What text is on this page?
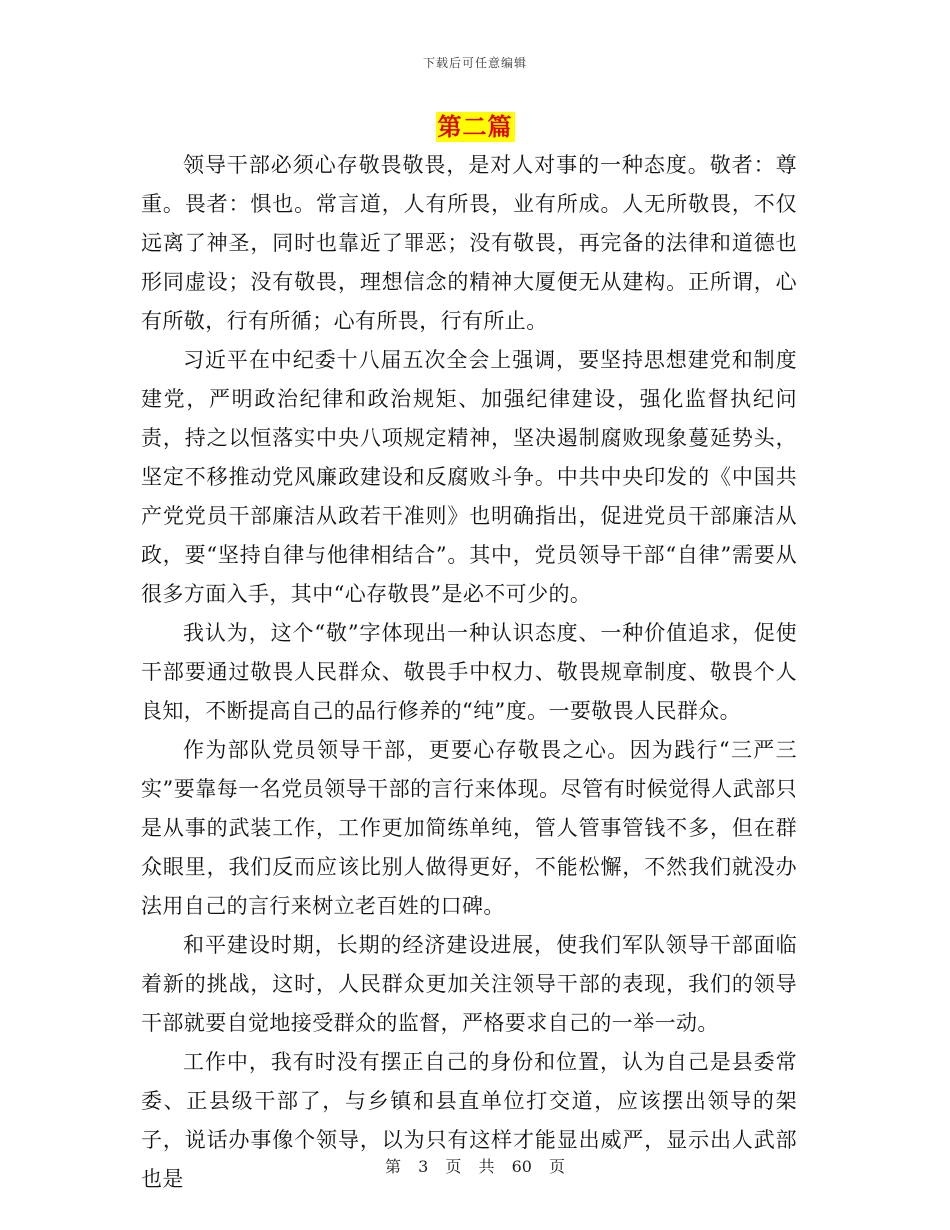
下载后可任意编辑
第二篇

领导干部必须心存敬畏敬畏，是对人对事的一种态度。敬者：尊重。畏者：惧也。常言道，人有所畏，业有所成。人无所敬畏，不仅远离了神圣，同时也靠近了罪恶；没有敬畏，再完备的法律和道德也形同虚设；没有敬畏，理想信念的精神大厦便无从建构。正所谓，心有所敬，行有所循；心有所畏，行有所止。

习近平在中纪委十八届五次全会上强调，要坚持思想建党和制度建党，严明政治纪律和政治规矩、加强纪律建设，强化监督执纪问责，持之以恒落实中央八项规定精神，坚决遏制腐败现象蔓延势头，坚定不移推动党风廉政建设和反腐败斗争。中共中央印发的《中国共产党党员干部廉洁从政若干准则》也明确指出，促进党员干部廉洁从政，要“坚持自律与他律相结合”。其中，党员领导干部“自律”需要从很多方面入手，其中“心存敬畏”是必不可少的。

我认为，这个“敬”字体现出一种认识态度、一种价值追求，促使干部要通过敬畏人民群众、敬畏手中权力、敬畏规章制度、敬畏个人良知，不断提高自己的品行修养的“纯”度。一要敬畏人民群众。

作为部队党员领导干部，更要心存敬畏之心。因为践行“三严三实”要靠每一名党员领导干部的言行来体现。尽管有时候觉得人武部只是从事的武装工作，工作更加简练单纯，管人管事管钱不多，但在群众眼里，我们反而应该比别人做得更好，不能松懈，不然我们就没办法用自己的言行来树立老百姓的口碑。

和平建设时期，长期的经济建设进展，使我们军队领导干部面临着新的挑战，这时，人民群众更加关注领导干部的表现，我们的领导干部就要自觉地接受群众的监督，严格要求自己的一举一动。

工作中，我有时没有摆正自己的身份和位置，认为自己是县委常委、正县级干部了，与乡镇和县直单位打交道，应该摆出领导的架子，说话办事像个领导，以为只有这样才能显出威严，显示出人武部也是

第 3 页 共 60 页
